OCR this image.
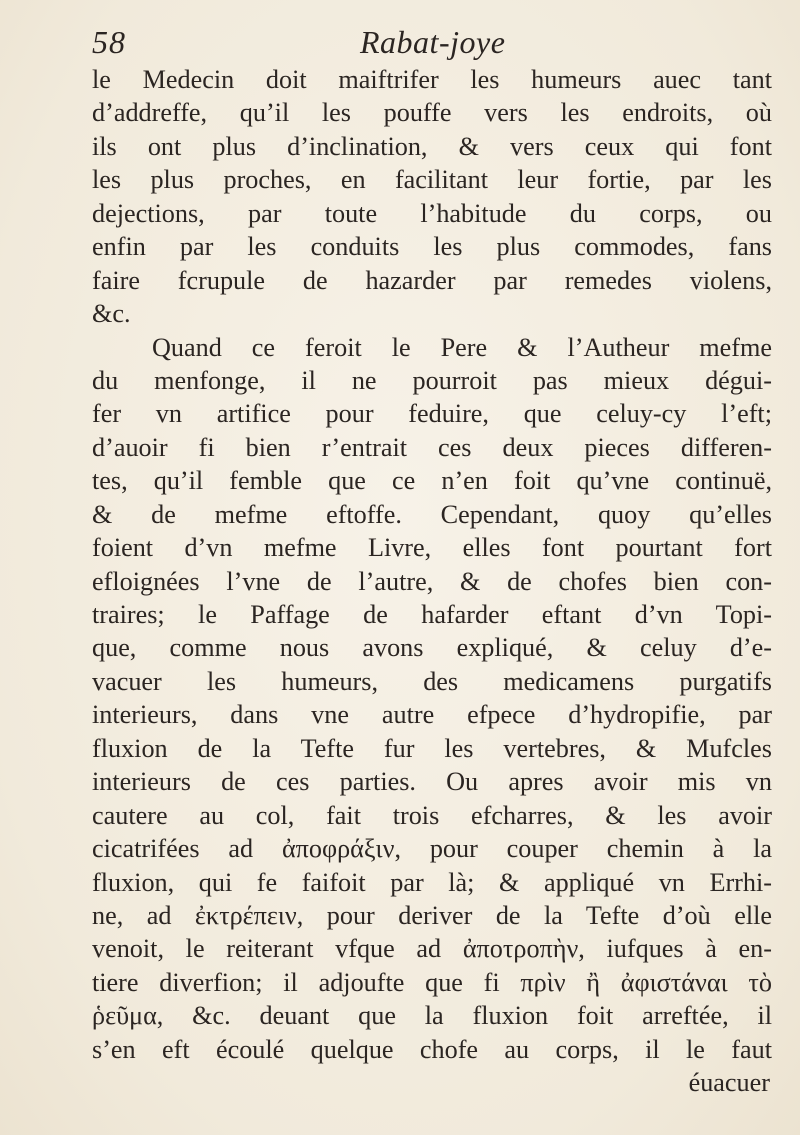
58	Rabat-joye
le Medecin doit maiftrifer les humeurs auec tant
d’addreffe, qu’il les pouffe vers les endroits, où
ils ont plus d’inclination, & vers ceux qui font
les plus proches, en facilitant leur fortie, par les
dejections, par toute l’habitude du corps, ou
enfin par les conduits les plus commodes, fans
faire fcrupule de hazarder par remedes violens,
&c.
Quand ce feroit le Pere & l’Autheur mefme
du menfonge, il ne pourroit pas mieux dégui-
fer vn artifice pour feduire, que celuy-cy l’eft;
d’auoir fi bien r’entrait ces deux pieces differen-
tes, qu’il femble que ce n’en foit qu’vne continuë,
& de mefme eftoffe. Cependant, quoy qu’elles
foient d’vn mefme Livre, elles font pourtant fort
efloignées l’vne de l’autre, & de chofes bien con-
traires; le Paffage de hafarder eftant d’vn Topi-
que, comme nous avons expliqué, & celuy d’e-
vacuer les humeurs, des medicamens purgatifs
interieurs, dans vne autre efpece d’hydropifie, par
fluxion de la Tefte fur les vertebres, & Mufcles
interieurs de ces parties. Ou apres avoir mis vn
cautere au col, fait trois efcharres, & les avoir
cicatrifées ad ἀποφράξιν, pour couper chemin à la
fluxion, qui fe faifoit par là; & appliqué vn Errhi-
ne, ad ἐκτρέπειν, pour deriver de la Tefte d’où elle
venoit, le reiterant vfque ad ἀποτροπὴν, iufques à en-
tiere diverfion; il adjoufte que fi πρὶν ἢ ἀφιστάναι τὸ
ῥεῦμα, &c. deuant que la fluxion foit arreftée, il
s’en eft écoulé quelque chofe au corps, il le faut
éuacuer
